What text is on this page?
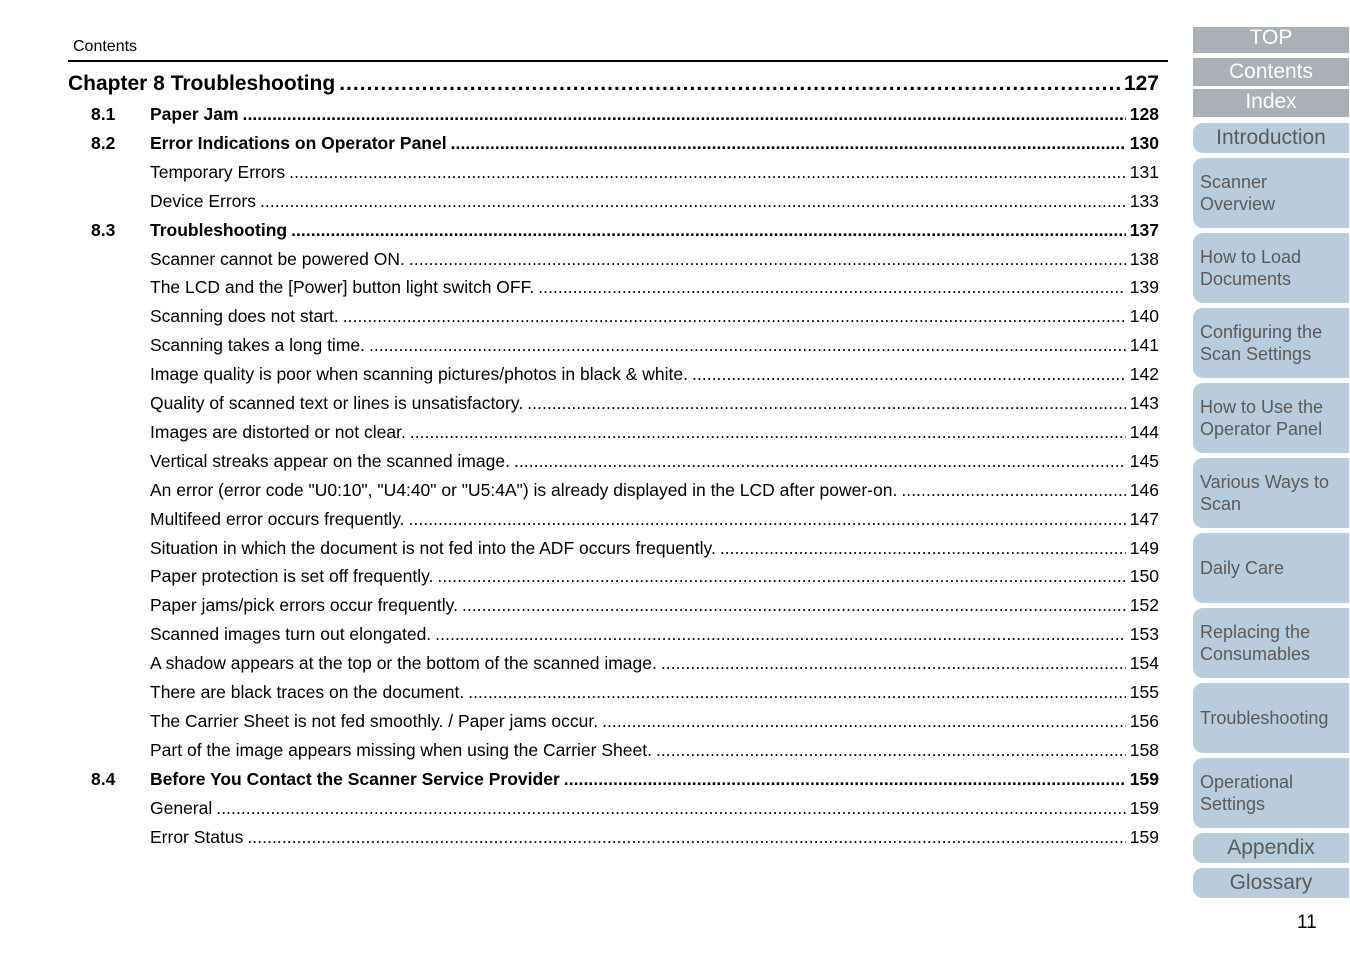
Contents
Chapter 8 Troubleshooting . . .	127
8.1 Paper Jam . . .	128
8.2 Error Indications on Operator Panel . . .	130
Temporary Errors . . .	131
Device Errors . . .	133
8.3 Troubleshooting . . .	137
Scanner cannot be powered ON. . . .	138
The LCD and the [Power] button light switch OFF. . . .	139
Scanning does not start. . . .	140
Scanning takes a long time. . . .	141
Image quality is poor when scanning pictures/photos in black & white. . . .	142
Quality of scanned text or lines is unsatisfactory. . . .	143
Images are distorted or not clear. . . .	144
Vertical streaks appear on the scanned image. . . .	145
An error (error code "U0:10", "U4:40" or "U5:4A") is already displayed in the LCD after power-on. . . .	146
Multifeed error occurs frequently. . . .	147
Situation in which the document is not fed into the ADF occurs frequently. . . .	149
Paper protection is set off frequently. . . .	150
Paper jams/pick errors occur frequently. . . .	152
Scanned images turn out elongated. . . .	153
A shadow appears at the top or the bottom of the scanned image. . . .	154
There are black traces on the document. . . .	155
The Carrier Sheet is not fed smoothly. / Paper jams occur. . . .	156
Part of the image appears missing when using the Carrier Sheet. . . .	158
8.4 Before You Contact the Scanner Service Provider . . .	159
General . . .	159
Error Status . . .	159
TOP
Contents
Index
Introduction
Scanner
Overview
How to Load
Documents
Configuring the
Scan Settings
How to Use the
Operator Panel
Various Ways to
Scan
Daily Care
Replacing the
Consumables
Troubleshooting
Operational
Settings
Appendix
Glossary
11
